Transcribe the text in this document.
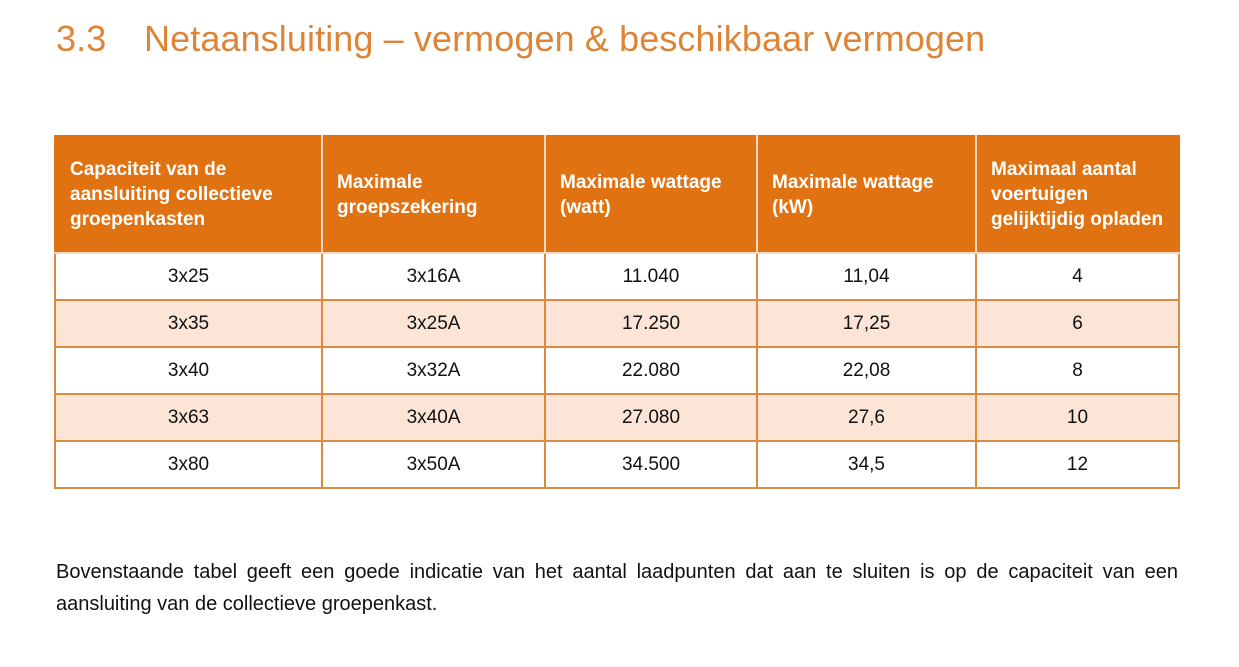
3.3 Netaansluiting – vermogen & beschikbaar vermogen
Capaciteit van de aansluiting collectieve groepenkasten	Maximale groepszekering	Maximale wattage (watt)	Maximale wattage (kW)	Maximaal aantal voertuigen gelijktijdig opladen
3x25	3x16A	11.040	11,04	4
3x35	3x25A	17.250	17,25	6
3x40	3x32A	22.080	22,08	8
3x63	3x40A	27.080	27,6	10
3x80	3x50A	34.500	34,5	12

Bovenstaande tabel geeft een goede indicatie van het aantal laadpunten dat aan te sluiten is op de capaciteit van een aansluiting van de collectieve groepenkast.
